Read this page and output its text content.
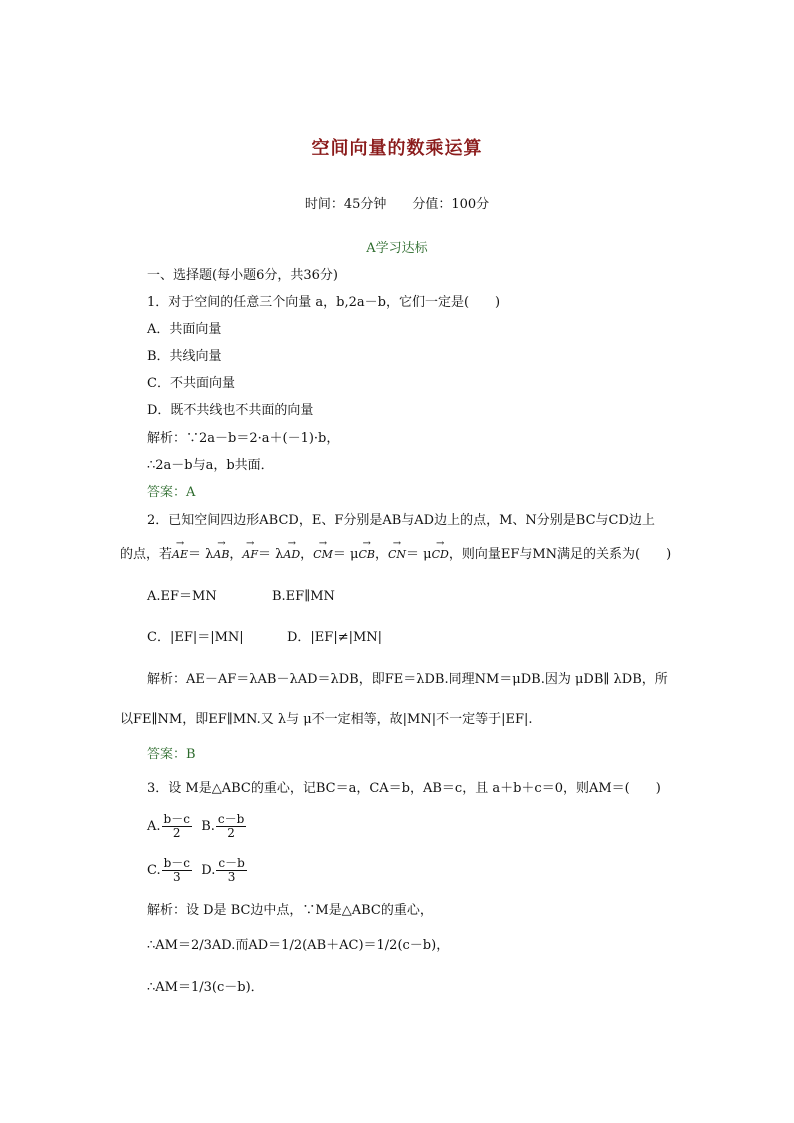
空间向量的数乘运算
时间：45分钟　　分值：100分
A学习达标
一、选择题(每小题6分，共36分)
1．对于空间的任意三个向量 a，b,2a－b，它们一定是(　　)
A．共面向量
B．共线向量
C．不共面向量
D．既不共线也不共面的向量
解析：∵2a－b＝2·a＋(－1)·b，
∴2a－b与a，b共面．
答案：A
2．已知空间四边形ABCD，E、F分别是AB与AD边上的点，M、N分别是BC与CD边上
的点，若→ AE＝ λ→ AB，→ AF＝ λ→ AD，→ CM＝ μ→ CB，→ CN＝ μ→ CD，则向量EF与MN满足的关系为(　　)
A.EF＝MN	B.EF∥MN
C．|EF|＝|MN|	D．|EF|≠|MN|
解析：AE－AF＝λAB－λAD＝λDB，即FE＝λDB.同理NM＝μDB.因为 μDB∥ λDB，所
以FE∥NM，即EF∥MN.又 λ与 μ不一定相等，故|MN|不一定等于|EF|.
答案：B
3．设 M是△ABC的重心，记BC＝a，CA＝b，AB＝c，且 a＋b＋c＝0，则AM＝(　　)
A. $\frac{b-c}{2} B$. $\frac{c-b}{2}$
C. $\frac{b-c}{3} D$. $\frac{c-b}{3}$
解析：设 D是 BC边中点，∵M是△ABC的重心，
∴AM＝2/3AD.而AD＝1/2(AB＋AC)＝1/2(c－b)，
∴AM＝1/3(c－b)．
